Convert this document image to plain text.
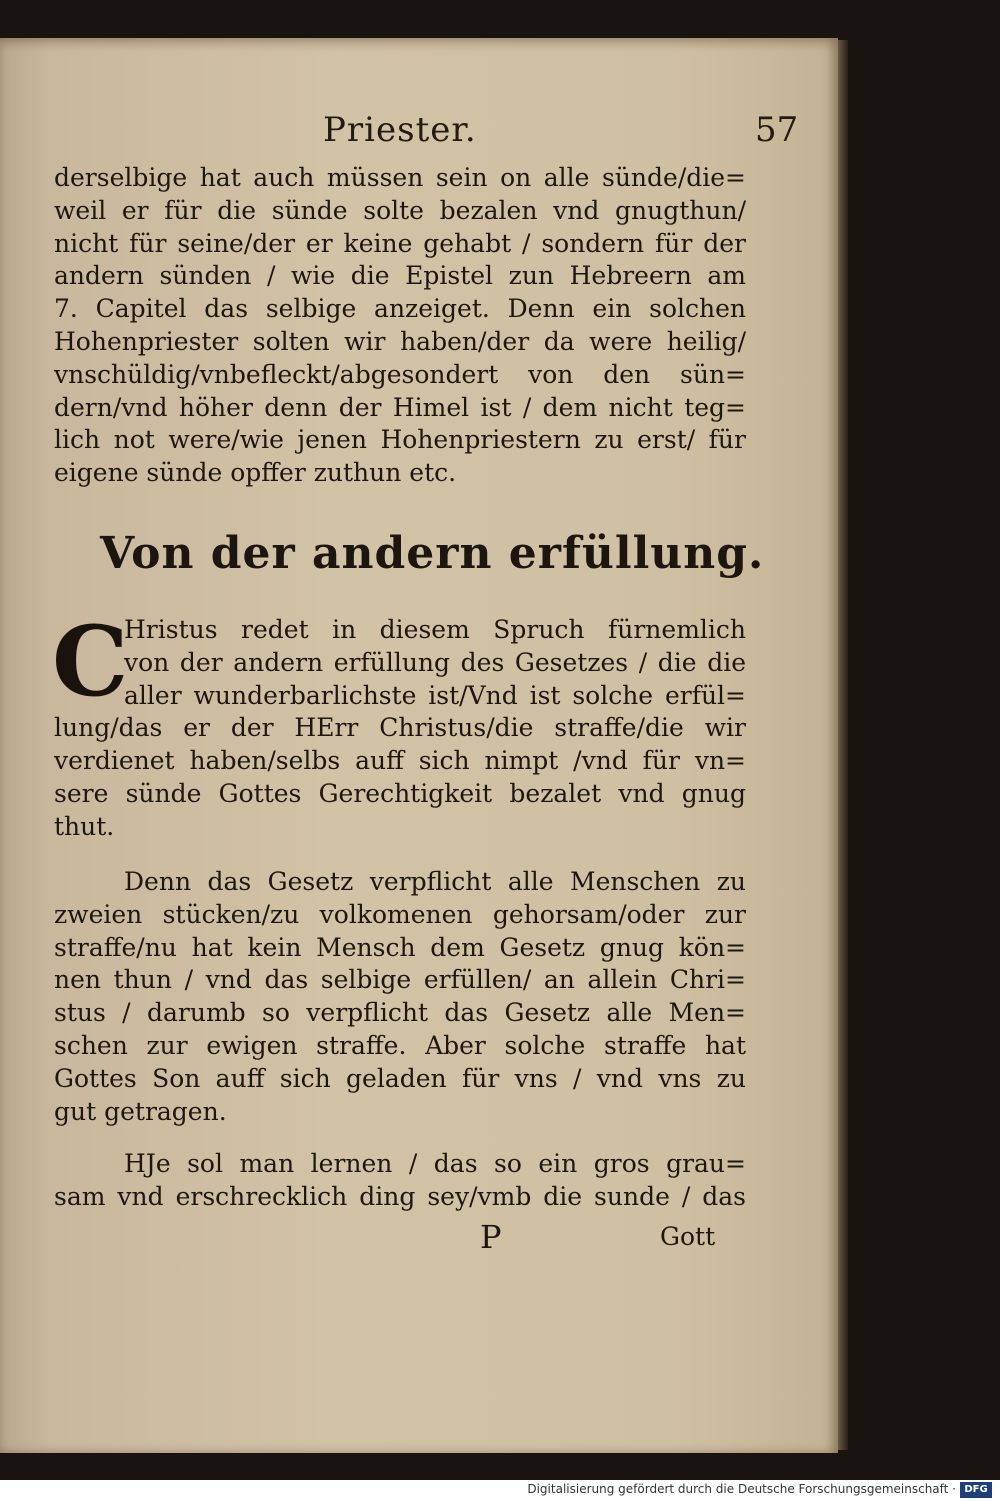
Priester.	57
derselbige hat auch müssen sein on alle sünde/die=
weil er für die sünde solte bezalen vnd gnugthun/
nicht für seine/der er keine gehabt / sondern für der
andern sünden / wie die Epistel zun Hebreern am
7. Capitel das selbige anzeiget. Denn ein solchen
Hohenpriester solten wir haben/der da were heilig/
vnschüldig/vnbefleckt/abgesondert von den sün=
dern/vnd höher denn der Himel ist / dem nicht teg=
lich not were/wie jenen Hohenpriestern zu erst/ für
eigene sünde opffer zuthun etc.
Von der andern erfüllung.
C
Hristus redet in diesem Spruch fürnemlich
von der andern erfüllung des Gesetzes / die die
aller wunderbarlichste ist/Vnd ist solche erfül=
lung/das er der HErr Christus/die straffe/die wir
verdienet haben/selbs auff sich nimpt /vnd für vn=
sere sünde Gottes Gerechtigkeit bezalet vnd gnug
thut.
Denn das Gesetz verpflicht alle Menschen zu
zweien stücken/zu volkomenen gehorsam/oder zur
straffe/nu hat kein Mensch dem Gesetz gnug kön=
nen thun / vnd das selbige erfüllen/ an allein Chri=
stus / darumb so verpflicht das Gesetz alle Men=
schen zur ewigen straffe. Aber solche straffe hat
Gottes Son auff sich geladen für vns / vnd vns zu
gut getragen.
HJe sol man lernen / das so ein gros grau=
sam vnd erschrecklich ding sey/vmb die sunde / das
P	Gott
Digitalisierung gefördert durch die Deutsche Forschungsgemeinschaft · DFG
